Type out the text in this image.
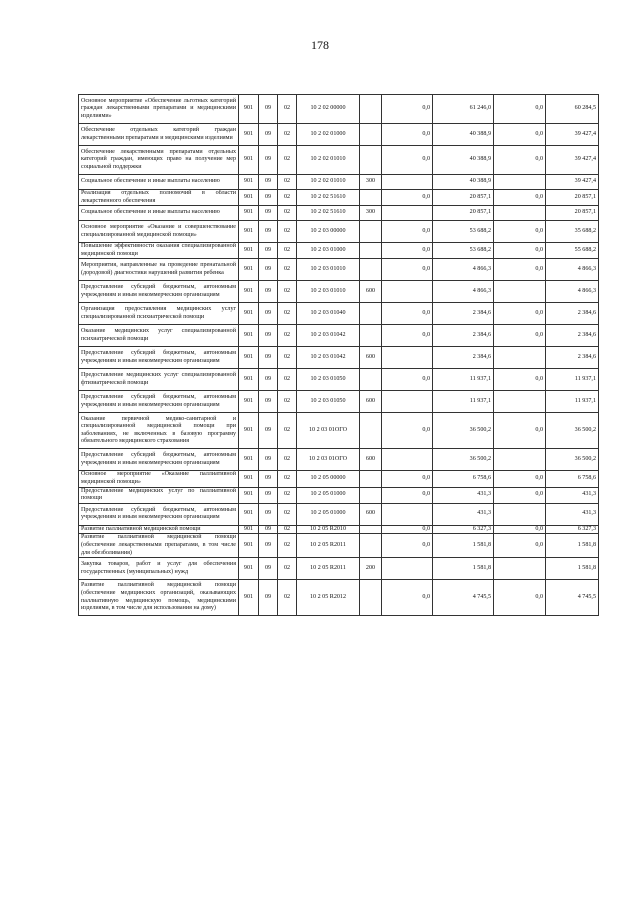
178
Основное мероприятие «Обеспечение льготных категорий граждан лекарственными препаратами и медицинскими изделиями»	901	09	02	10 2 02 00000		0,0	61 246,0	0,0	60 284,5
Обеспечение отдельных категорий граждан лекарственными препаратами и медицинскими изделиями	901	09	02	10 2 02 01000		0,0	40 388,9	0,0	39 427,4
Обеспечение лекарственными препаратами отдельных категорий граждан, имеющих право на получение мер социальной поддержки	901	09	02	10 2 02 01010		0,0	40 388,9	0,0	39 427,4
Социальное обеспечение и иные выплаты населению	901	09	02	10 2 02 01010	300		40 388,9		39 427,4
Реализация отдельных полномочий в области лекарственного обеспечения	901	09	02	10 2 02 51610		0,0	20 857,1	0,0	20 857,1
Социальное обеспечение и иные выплаты населению	901	09	02	10 2 02 51610	300		20 857,1		20 857,1
Основное мероприятие «Оказание и совершенствование специализированной медицинской помощи»	901	09	02	10 2 03 00000		0,0	53 688,2	0,0	35 688,2
Повышение эффективности оказания специализированной медицинской помощи	901	09	02	10 2 03 01000		0,0	53 688,2	0,0	55 688,2
Мероприятия, направленные на проведение пренатальной (дородовой) диагностики нарушений развития ребенка	901	09	02	10 2 03 01010		0,0	4 866,3	0,0	4 866,3
Предоставление субсидий бюджетным, автономным учреждениям и иным некоммерческим организациям	901	09	02	10 2 03 01010	600		4 866,3		4 866,3
Организация предоставления медицинских услуг специализированной психиатрической помощи	901	09	02	10 2 03 01040		0,0	2 384,6	0,0	2 384,6
Оказание медицинских услуг специализированной психиатрической помощи	901	09	02	10 2 03 01042		0,0	2 384,6	0,0	2 384,6
Предоставление субсидий бюджетным, автономным учреждениям и иным некоммерческим организациям	901	09	02	10 2 03 01042	600		2 384,6		2 384,6
Предоставление медицинских услуг специализированной фтизиатрической помощи	901	09	02	10 2 03 01050		0,0	11 937,1	0,0	11 937,1
Предоставление субсидий бюджетным, автономным учреждениям и иным некоммерческим организациям	901	09	02	10 2 03 01050	600		11 937,1		11 937,1
Оказание первичной медико-санитарной и специализированной медицинской помощи при заболеваниях, не включенных в базовую программу обязательного медицинского страхования	901	09	02	10 2 03 01ОГО		0,0	36 500,2	0,0	36 500,2
Предоставление субсидий бюджетным, автономным учреждениям и иным некоммерческим организациям	901	09	02	10 2 03 01ОГО	600		36 500,2		36 500,2
Основное мероприятие «Оказание паллиативной медицинской помощи»	901	09	02	10 2 05 00000		0,0	6 758,6	0,0	6 758,6
Предоставление медицинских услуг по паллиативной помощи	901	09	02	10 2 05 01000		0,0	431,3	0,0	431,3
Предоставление субсидий бюджетным, автономным учреждениям и иным некоммерческим организациям	901	09	02	10 2 05 01000	600		431,3		431,3
Развитие паллиативной медицинской помощи	901	09	02	10 2 05 R2010		0,0	6 327,3	0,0	6 327,3
Развитие паллиативной медицинской помощи (обеспечение лекарственными препаратами, в том числе для обезболивания)	901	09	02	10 2 05 R2011		0,0	1 581,8	0,0	1 581,8
Закупка товаров, работ и услуг для обеспечения государственных (муниципальных) нужд	901	09	02	10 2 05 R2011	200		1 581,8		1 581,8
Развитие паллиативной медицинской помощи (обеспечение медицинских организаций, оказывающих паллиативную медицинскую помощь, медицинскими изделиями, в том числе для использования на дому)	901	09	02	10 2 05 R2012		0,0	4 745,5	0,0	4 745,5
